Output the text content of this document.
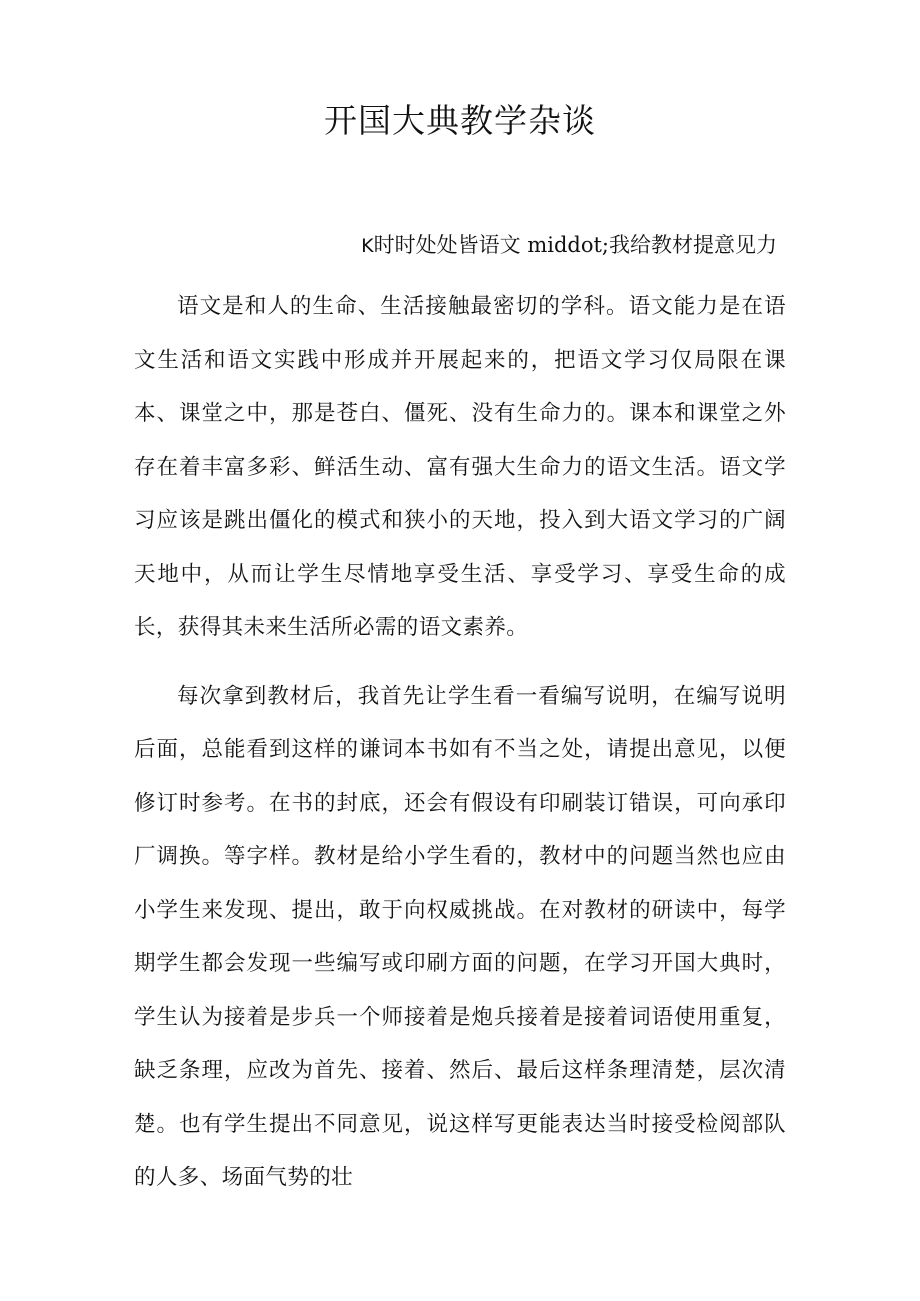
开国大典教学杂谈

K时时处处皆语文 middot;我给教材提意见力

语文是和人的生命、生活接触最密切的学科。语文能力是在语文生活和语文实践中形成并开展起来的，把语文学习仅局限在课本、课堂之中，那是苍白、僵死、没有生命力的。课本和课堂之外存在着丰富多彩、鲜活生动、富有强大生命力的语文生活。语文学习应该是跳出僵化的模式和狭小的天地，投入到大语文学习的广阔天地中，从而让学生尽情地享受生活、享受学习、享受生命的成长，获得其未来生活所必需的语文素养。

每次拿到教材后，我首先让学生看一看编写说明，在编写说明后面，总能看到这样的谦词本书如有不当之处，请提出意见，以便修订时参考。在书的封底，还会有假设有印刷装订错误，可向承印厂调换。等字样。教材是给小学生看的，教材中的问题当然也应由小学生来发现、提出，敢于向权威挑战。在对教材的研读中，每学期学生都会发现一些编写或印刷方面的问题，在学习开国大典时，学生认为接着是步兵一个师接着是炮兵接着是接着词语使用重复，缺乏条理，应改为首先、接着、然后、最后这样条理清楚，层次清楚。也有学生提出不同意见，说这样写更能表达当时接受检阅部队的人多、场面气势的壮
